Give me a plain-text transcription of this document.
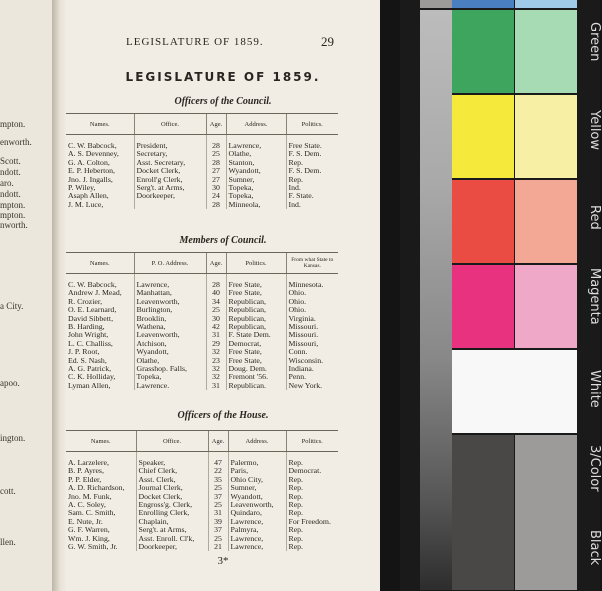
mpton.
enworth.
Scott.
ndott.
aro.
ndott.
mpton.
mpton.
nworth.
a City.
apoo.
ington.
cott.
llen.
LEGISLATURE OF 1859.	29
LEGISLATURE OF 1859.
Officers of the Council.
Names.	Office.	Age.	Address.	Politics.

C. W. Babcock,	President,	28	Lawrence,	Free State.
A. S. Devenney,	Secretary,	25	Olathe,	F. S. Dem.
G. A. Colton,	Asst. Secretary,	28	Stanton,	Rep.
E. P. Heberton,	Docket Clerk,	27	Wyandott,	F. S. Dem.
Jno. J. Ingalls,	Enroll'g Clerk,	27	Sumner,	Rep.
P. Wiley,	Serg't. at Arms,	30	Topeka,	Ind.
Asaph Allen,	Doorkeeper,	24	Topeka,	F. State.
J. M. Luce,		28	Minneola,	Ind.
Members of Council.
Names.	P. O. Address.	Age.	Politics.	From what State to Kansas.

C. W. Babcock,	Lawrence,	28	Free State,	Minnesota.
Andrew J. Mead,	Manhattan,	40	Free State,	Ohio.
R. Crozier,	Leavenworth,	34	Republican,	Ohio.
O. E. Learnard,	Burlington,	25	Republican,	Ohio.
David Sibbett,	Brooklin,	30	Republican,	Virginia.
B. Harding,	Wathena,	42	Republican,	Missouri.
John Wright,	Leavenworth,	31	F. State Dem.	Missouri.
L. C. Challiss,	Atchison,	29	Democrat,	Missouri,
J. P. Root,	Wyandott,	32	Free State,	Conn.
Ed. S. Nash,	Olathe,	23	Free State,	Wisconsin.
A. G. Patrick,	Grasshop. Falls,	32	Doug. Dem.	Indiana.
C. K. Holliday,	Topeka,	32	Fremont '56.	Penn.
Lyman Allen,	Lawrence.	31	Republican.	New York.
Officers of the House.
Names.	Office.	Age.	Address.	Politics.

A. Larzelere,	Speaker,	47	Palermo,	Rep.
B. P. Ayres,	Chief Clerk,	22	Paris,	Democrat.
P. P. Elder,	Asst. Clerk,	35	Ohio City,	Rep.
A. D. Richardson,	Journal Clerk,	25	Sumner,	Rep.
Jno. M. Funk,	Docket Clerk,	37	Wyandott,	Rep.
A. C. Soley,	Engross'g. Clerk,	25	Leavenworth,	Rep.
Sam. C. Smith,	Enrolling Clerk,	31	Quindaro,	Rep.
E. Nute, Jr.	Chaplain,	39	Lawrence,	For Freedom.
G. F. Warren,	Serg't. at Arms,	37	Palmyra,	Rep.
Wm. J. King,	Asst. Enroll. Cl'k,	25	Lawrence,	Rep.
G. W. Smith, Jr.	Doorkeeper,	21	Lawrence,	Rep.
3*
Green
Yellow
Red
Magenta
White
3/Color
Black
